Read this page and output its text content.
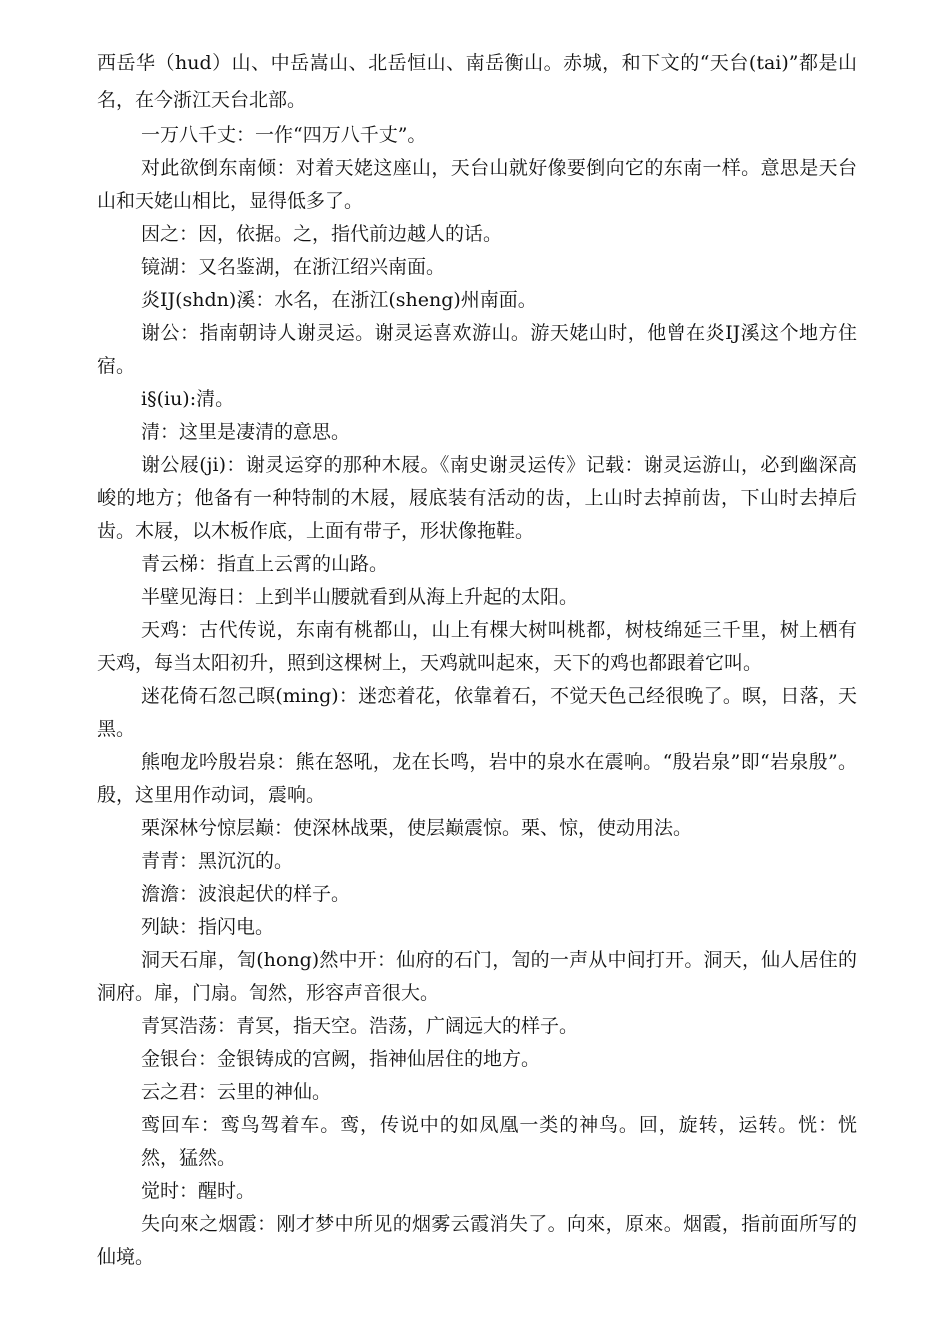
西岳华（hud）山、中岳嵩山、北岳恒山、南岳衡山。赤城，和下文的“天台(tai)”都是山名，在今浙江天台北部。

一万八千丈：一作“四万八千丈”。

对此欲倒东南倾：对着天姥这座山，天台山就好像要倒向它的东南一样。意思是天台山和天姥山相比，显得低多了。

因之：因，依据。之，指代前边越人的话。

镜湖：又名鉴湖，在浙江绍兴南面。

炎IJ(shdn)溪：水名，在浙江(sheng)州南面。

谢公：指南朝诗人谢灵运。谢灵运喜欢游山。游天姥山时，他曾在炎IJ溪这个地方住宿。

i§(iu):清。

清：这里是凄清的意思。

谢公屐(ji)：谢灵运穿的那种木屐。《南史谢灵运传》记载：谢灵运游山，必到幽深高峻的地方；他备有一种特制的木屐，屐底装有活动的齿，上山时去掉前齿，下山时去掉后齿。木屐，以木板作底，上面有带子，形状像拖鞋。

青云梯：指直上云霄的山路。

半壁见海日：上到半山腰就看到从海上升起的太阳。

天鸡：古代传说，东南有桃都山，山上有棵大树叫桃都，树枝绵延三千里，树上栖有天鸡，每当太阳初升，照到这棵树上，天鸡就叫起來，天下的鸡也都跟着它叫。

迷花倚石忽己暝(ming)：迷恋着花，依靠着石，不觉天色己经很晚了。暝，日落，天黑。

熊咆龙吟殷岩泉：熊在怒吼，龙在长鸣，岩中的泉水在震响。“殷岩泉”即“岩泉殷”。殷，这里用作动词，震响。

栗深林兮惊层巅：使深林战栗，使层巅震惊。栗、惊，使动用法。

青青：黑沉沉的。

澹澹：波浪起伏的样子。

列缺：指闪电。

洞天石扉，訇(hong)然中开：仙府的石门，訇的一声从中间打开。洞天，仙人居住的洞府。扉，门扇。訇然，形容声音很大。

青冥浩荡：青冥，指天空。浩荡，广阔远大的样子。

金银台：金银铸成的宫阙，指神仙居住的地方。

云之君：云里的神仙。

鸾回车：鸾鸟驾着车。鸾，传说中的如凤凰一类的神鸟。回，旋转，运转。恍：恍然，猛然。

觉时：醒时。

失向來之烟霞：刚才梦中所见的烟雾云霞消失了。向來，原來。烟霞，指前面所写的仙境。
